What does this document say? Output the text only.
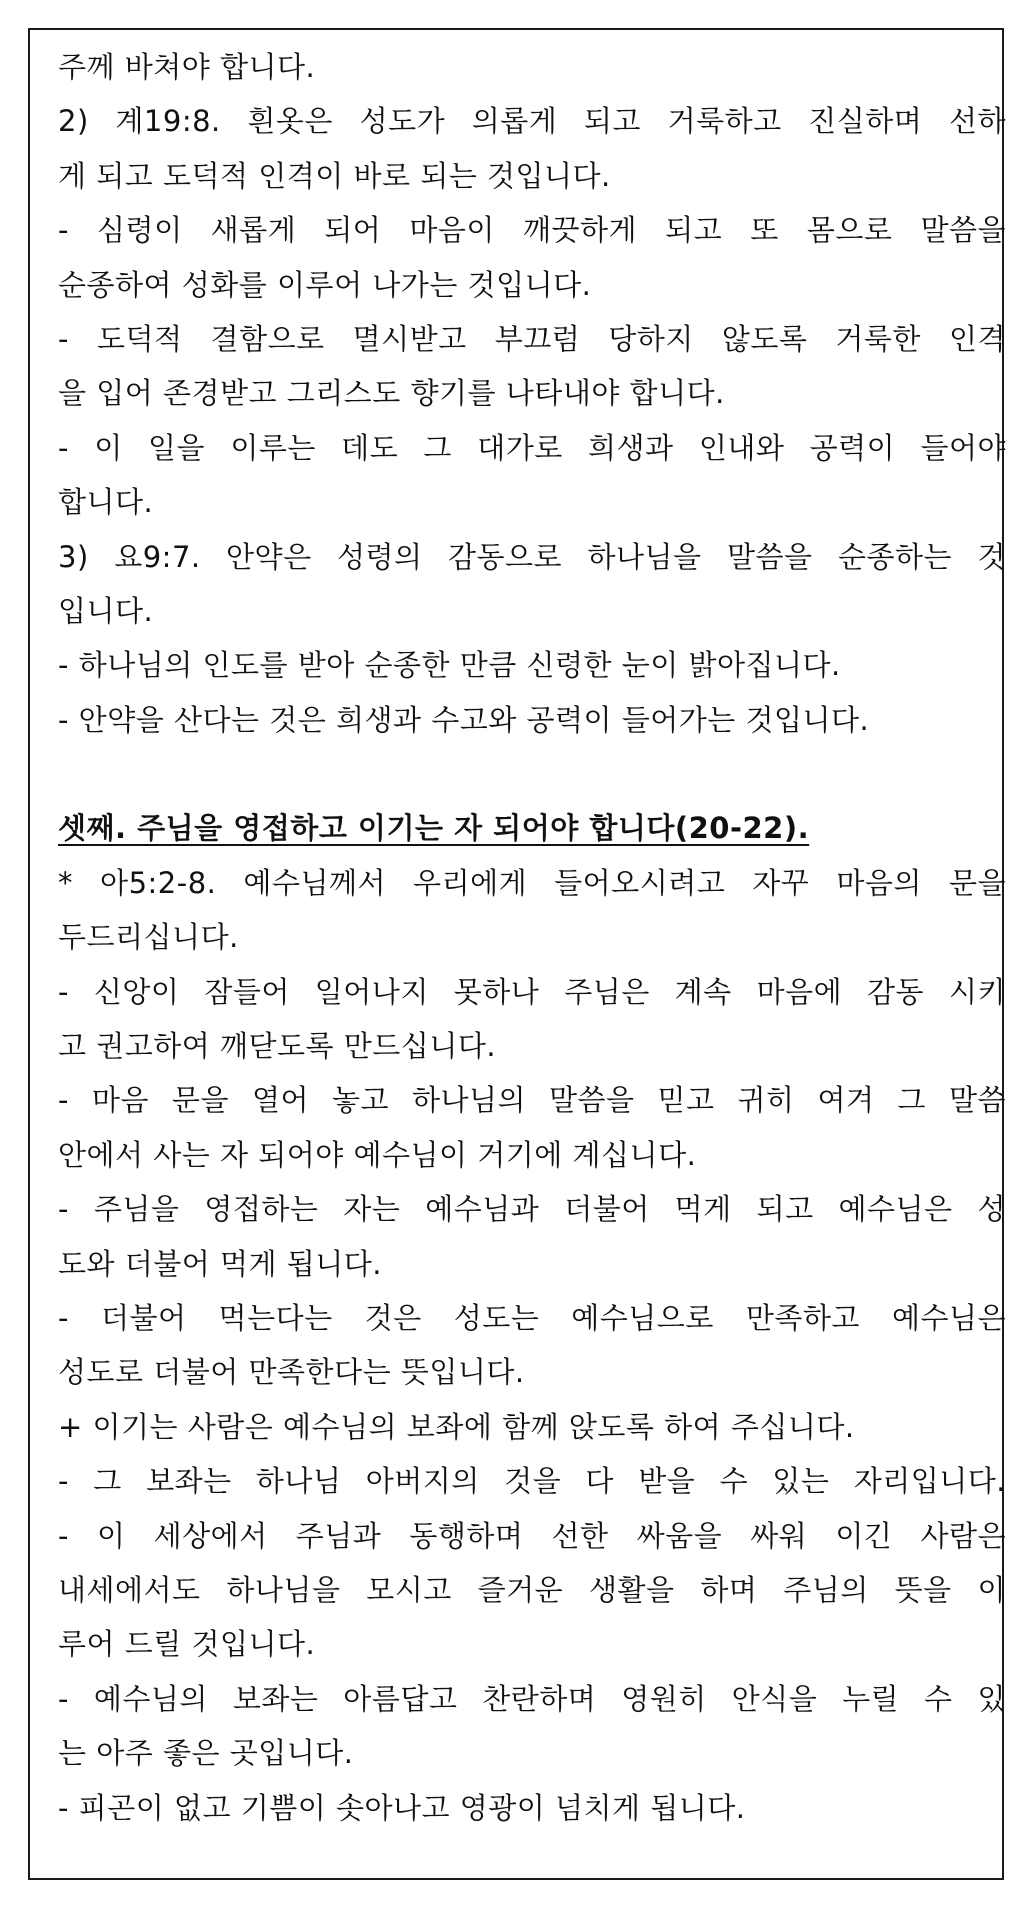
주께 바쳐야 합니다.
2) 계19:8. 흰옷은 성도가 의롭게 되고 거룩하고 진실하며 선하
게 되고 도덕적 인격이 바로 되는 것입니다.
- 심령이 새롭게 되어 마음이 깨끗하게 되고 또 몸으로 말씀을
순종하여 성화를 이루어 나가는 것입니다.
- 도덕적 결함으로 멸시받고 부끄럼 당하지 않도록 거룩한 인격
을 입어 존경받고 그리스도 향기를 나타내야 합니다.
- 이 일을 이루는 데도 그 대가로 희생과 인내와 공력이 들어야
합니다.
3) 요9:7. 안약은 성령의 감동으로 하나님을 말씀을 순종하는 것
입니다.
- 하나님의 인도를 받아 순종한 만큼 신령한 눈이 밝아집니다.
- 안약을 산다는 것은 희생과 수고와 공력이 들어가는 것입니다.
셋째. 주님을 영접하고 이기는 자 되어야 합니다(20-22).
* 아5:2-8. 예수님께서 우리에게 들어오시려고 자꾸 마음의 문을
두드리십니다.
- 신앙이 잠들어 일어나지 못하나 주님은 계속 마음에 감동 시키
고 권고하여 깨닫도록 만드십니다.
- 마음 문을 열어 놓고 하나님의 말씀을 믿고 귀히 여겨 그 말씀
안에서 사는 자 되어야 예수님이 거기에 계십니다.
- 주님을 영접하는 자는 예수님과 더불어 먹게 되고 예수님은 성
도와 더불어 먹게 됩니다.
- 더불어 먹는다는 것은 성도는 예수님으로 만족하고 예수님은
성도로 더불어 만족한다는 뜻입니다.
+ 이기는 사람은 예수님의 보좌에 함께 앉도록 하여 주십니다.
- 그 보좌는 하나님 아버지의 것을 다 받을 수 있는 자리입니다.
- 이 세상에서 주님과 동행하며 선한 싸움을 싸워 이긴 사람은
내세에서도 하나님을 모시고 즐거운 생활을 하며 주님의 뜻을 이
루어 드릴 것입니다.
- 예수님의 보좌는 아름답고 찬란하며 영원히 안식을 누릴 수 있
는 아주 좋은 곳입니다.
- 피곤이 없고 기쁨이 솟아나고 영광이 넘치게 됩니다.
